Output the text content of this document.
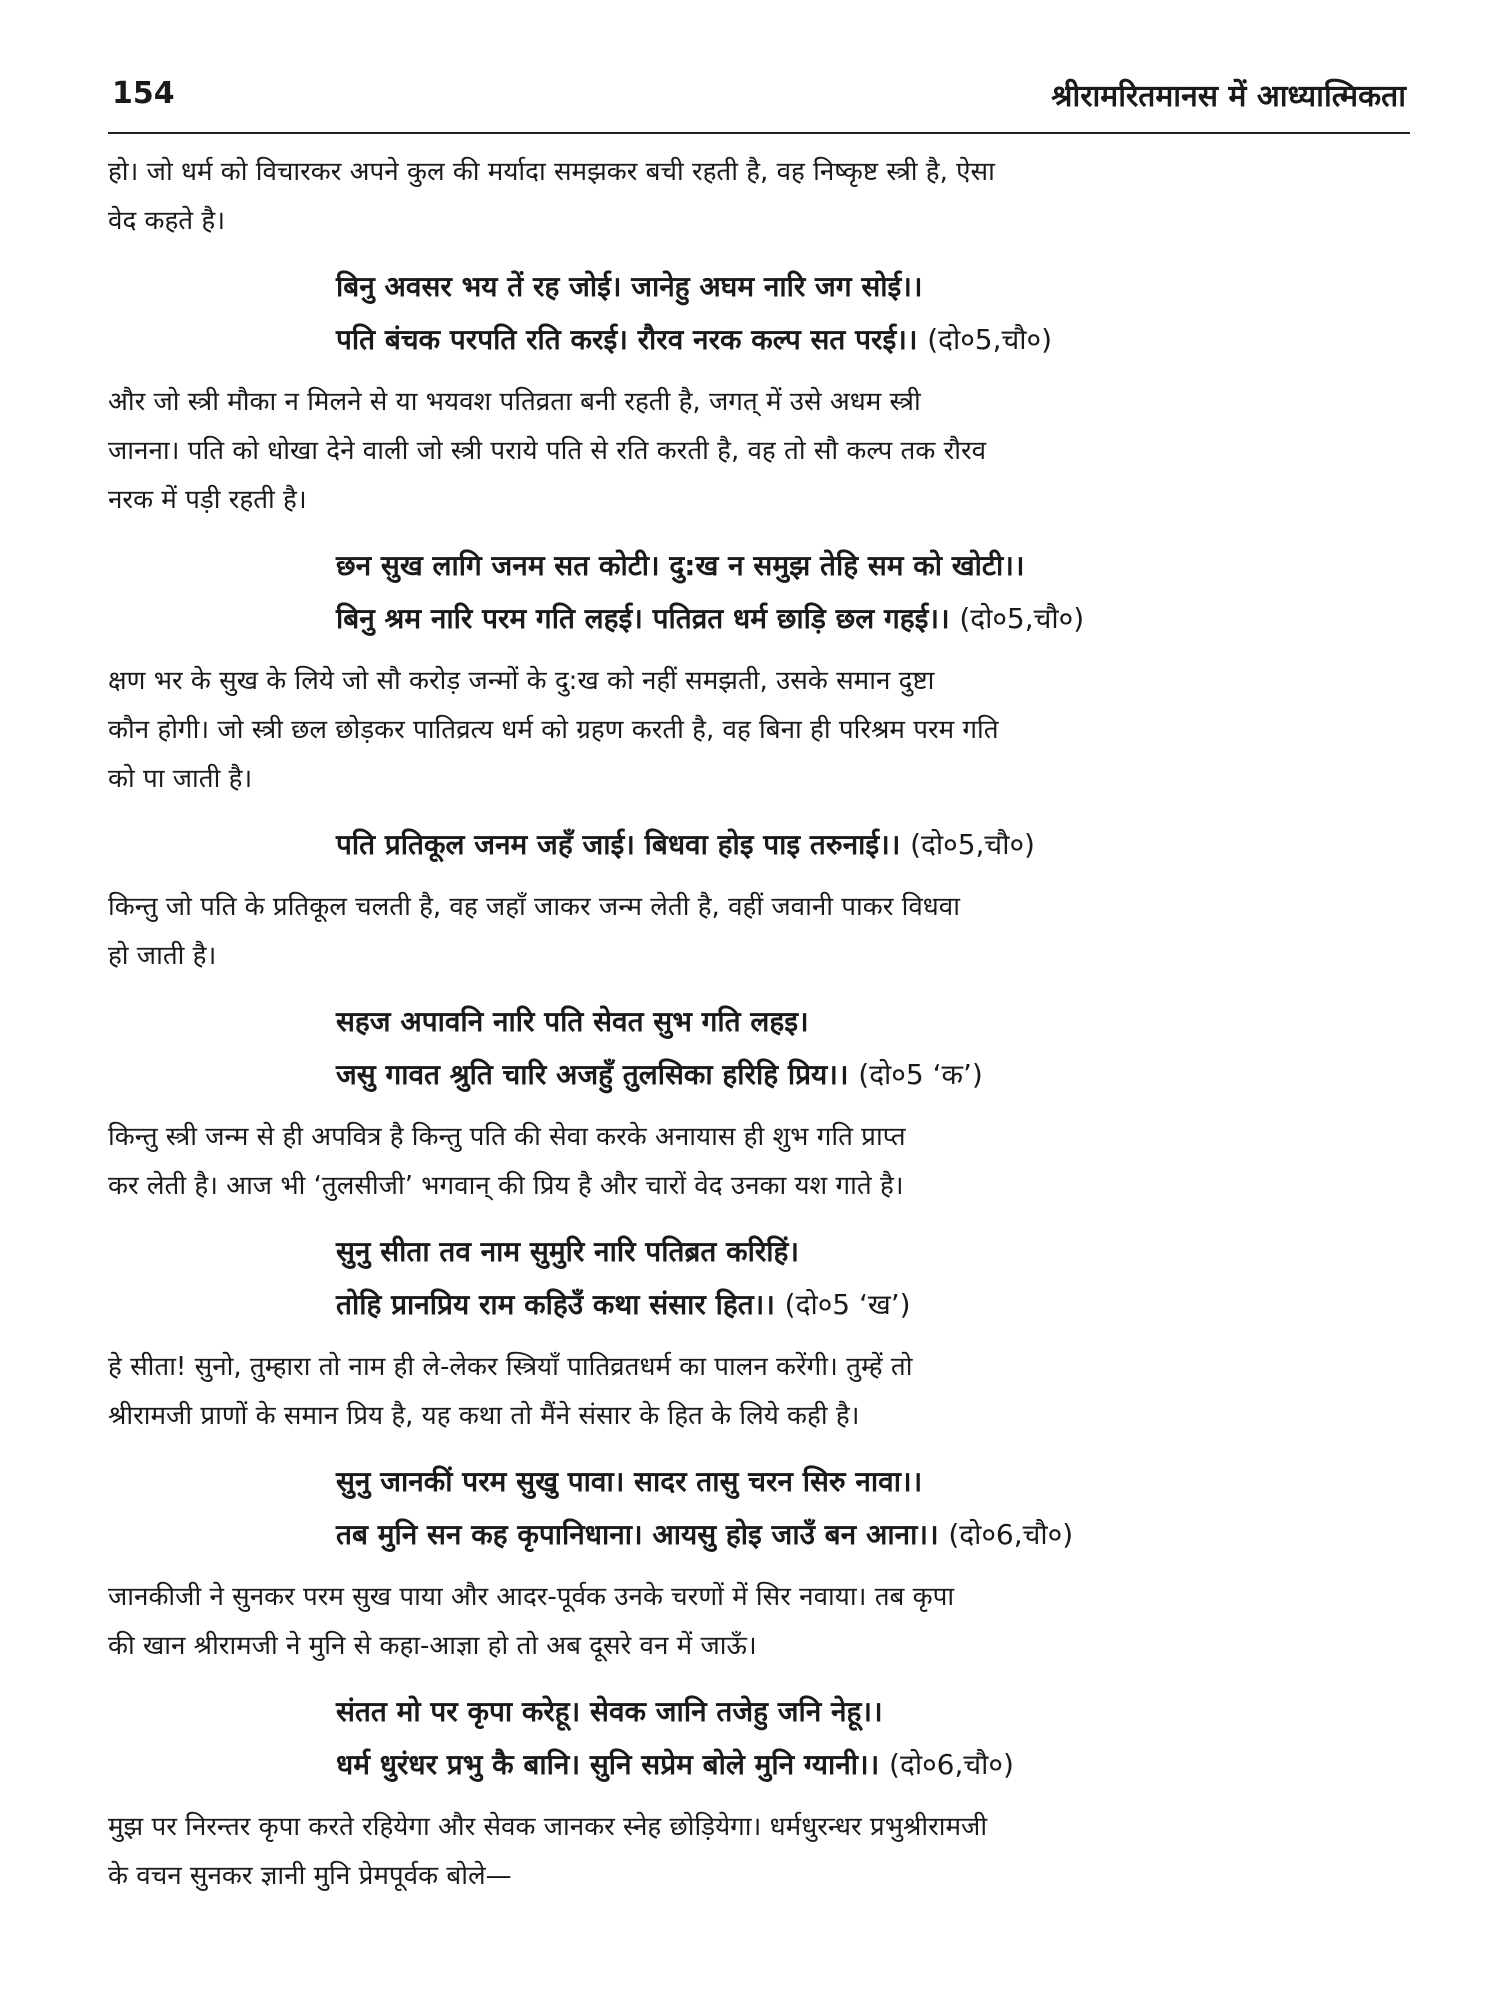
154	श्रीरामरितमानस में आध्यात्मिकता

हो। जो धर्म को विचारकर अपने कुल की मर्यादा समझकर बची रहती है, वह निष्कृष्ट स्त्री है, ऐसा
वेद कहते है।

बिनु अवसर भय तें रह जोई। जानेहु अघम नारि जग सोई।।
पति बंचक परपति रति करई। रौरव नरक कल्प सत परई।। (दो०5,चौ०)

और जो स्त्री मौका न मिलने से या भयवश पतिव्रता बनी रहती है, जगत् में उसे अधम स्त्री
जानना। पति को धोखा देने वाली जो स्त्री पराये पति से रति करती है, वह तो सौ कल्प तक रौरव
नरक में पड़ी रहती है।

छन सुख लागि जनम सत कोटी। दु:ख न समुझ तेहि सम को खोटी।।
बिनु श्रम नारि परम गति लहई। पतिव्रत धर्म छाड़ि छल गहई।। (दो०5,चौ०)

क्षण भर के सुख के लिये जो सौ करोड़ जन्मों के दु:ख को नहीं समझती, उसके समान दुष्टा
कौन होगी। जो स्त्री छल छोड़कर पातिव्रत्य धर्म को ग्रहण करती है, वह बिना ही परिश्रम परम गति
को पा जाती है।

पति प्रतिकूल जनम जहँ जाई। बिधवा होइ पाइ तरुनाई।। (दो०5,चौ०)

किन्तु जो पति के प्रतिकूल चलती है, वह जहाँ जाकर जन्म लेती है, वहीं जवानी पाकर विधवा
हो जाती है।

सहज अपावनि नारि पति सेवत सुभ गति लहइ।
जसु गावत श्रुति चारि अजहुँ तुलसिका हरिहि प्रिय।। (दो०5 ‘क’)

किन्तु स्त्री जन्म से ही अपवित्र है किन्तु पति की सेवा करके अनायास ही शुभ गति प्राप्त
कर लेती है। आज भी ‘तुलसीजी’ भगवान् की प्रिय है और चारों वेद उनका यश गाते है।

सुनु सीता तव नाम सुमुरि नारि पतिब्रत करिहिं।
तोहि प्रानप्रिय राम कहिउँ कथा संसार हित।। (दो०5 ‘ख’)

हे सीता! सुनो, तुम्हारा तो नाम ही ले-लेकर स्त्रियाँ पातिव्रतधर्म का पालन करेंगी। तुम्हें तो
श्रीरामजी प्राणों के समान प्रिय है, यह कथा तो मैंने संसार के हित के लिये कही है।

सुनु जानकीं परम सुखु पावा। सादर तासु चरन सिरु नावा।।
तब मुनि सन कह कृपानिधाना। आयसु होइ जाउँ बन आना।। (दो०6,चौ०)

जानकीजी ने सुनकर परम सुख पाया और आदर-पूर्वक उनके चरणों में सिर नवाया। तब कृपा
की खान श्रीरामजी ने मुनि से कहा-आज्ञा हो तो अब दूसरे वन में जाऊँ।

संतत मो पर कृपा करेहू। सेवक जानि तजेहु जनि नेहू।।
धर्म धुरंधर प्रभु कै बानि। सुनि सप्रेम बोले मुनि ग्यानी।। (दो०6,चौ०)

मुझ पर निरन्तर कृपा करते रहियेगा और सेवक जानकर स्नेह छोड़ियेगा। धर्मधुरन्धर प्रभुश्रीरामजी
के वचन सुनकर ज्ञानी मुनि प्रेमपूर्वक बोले—
